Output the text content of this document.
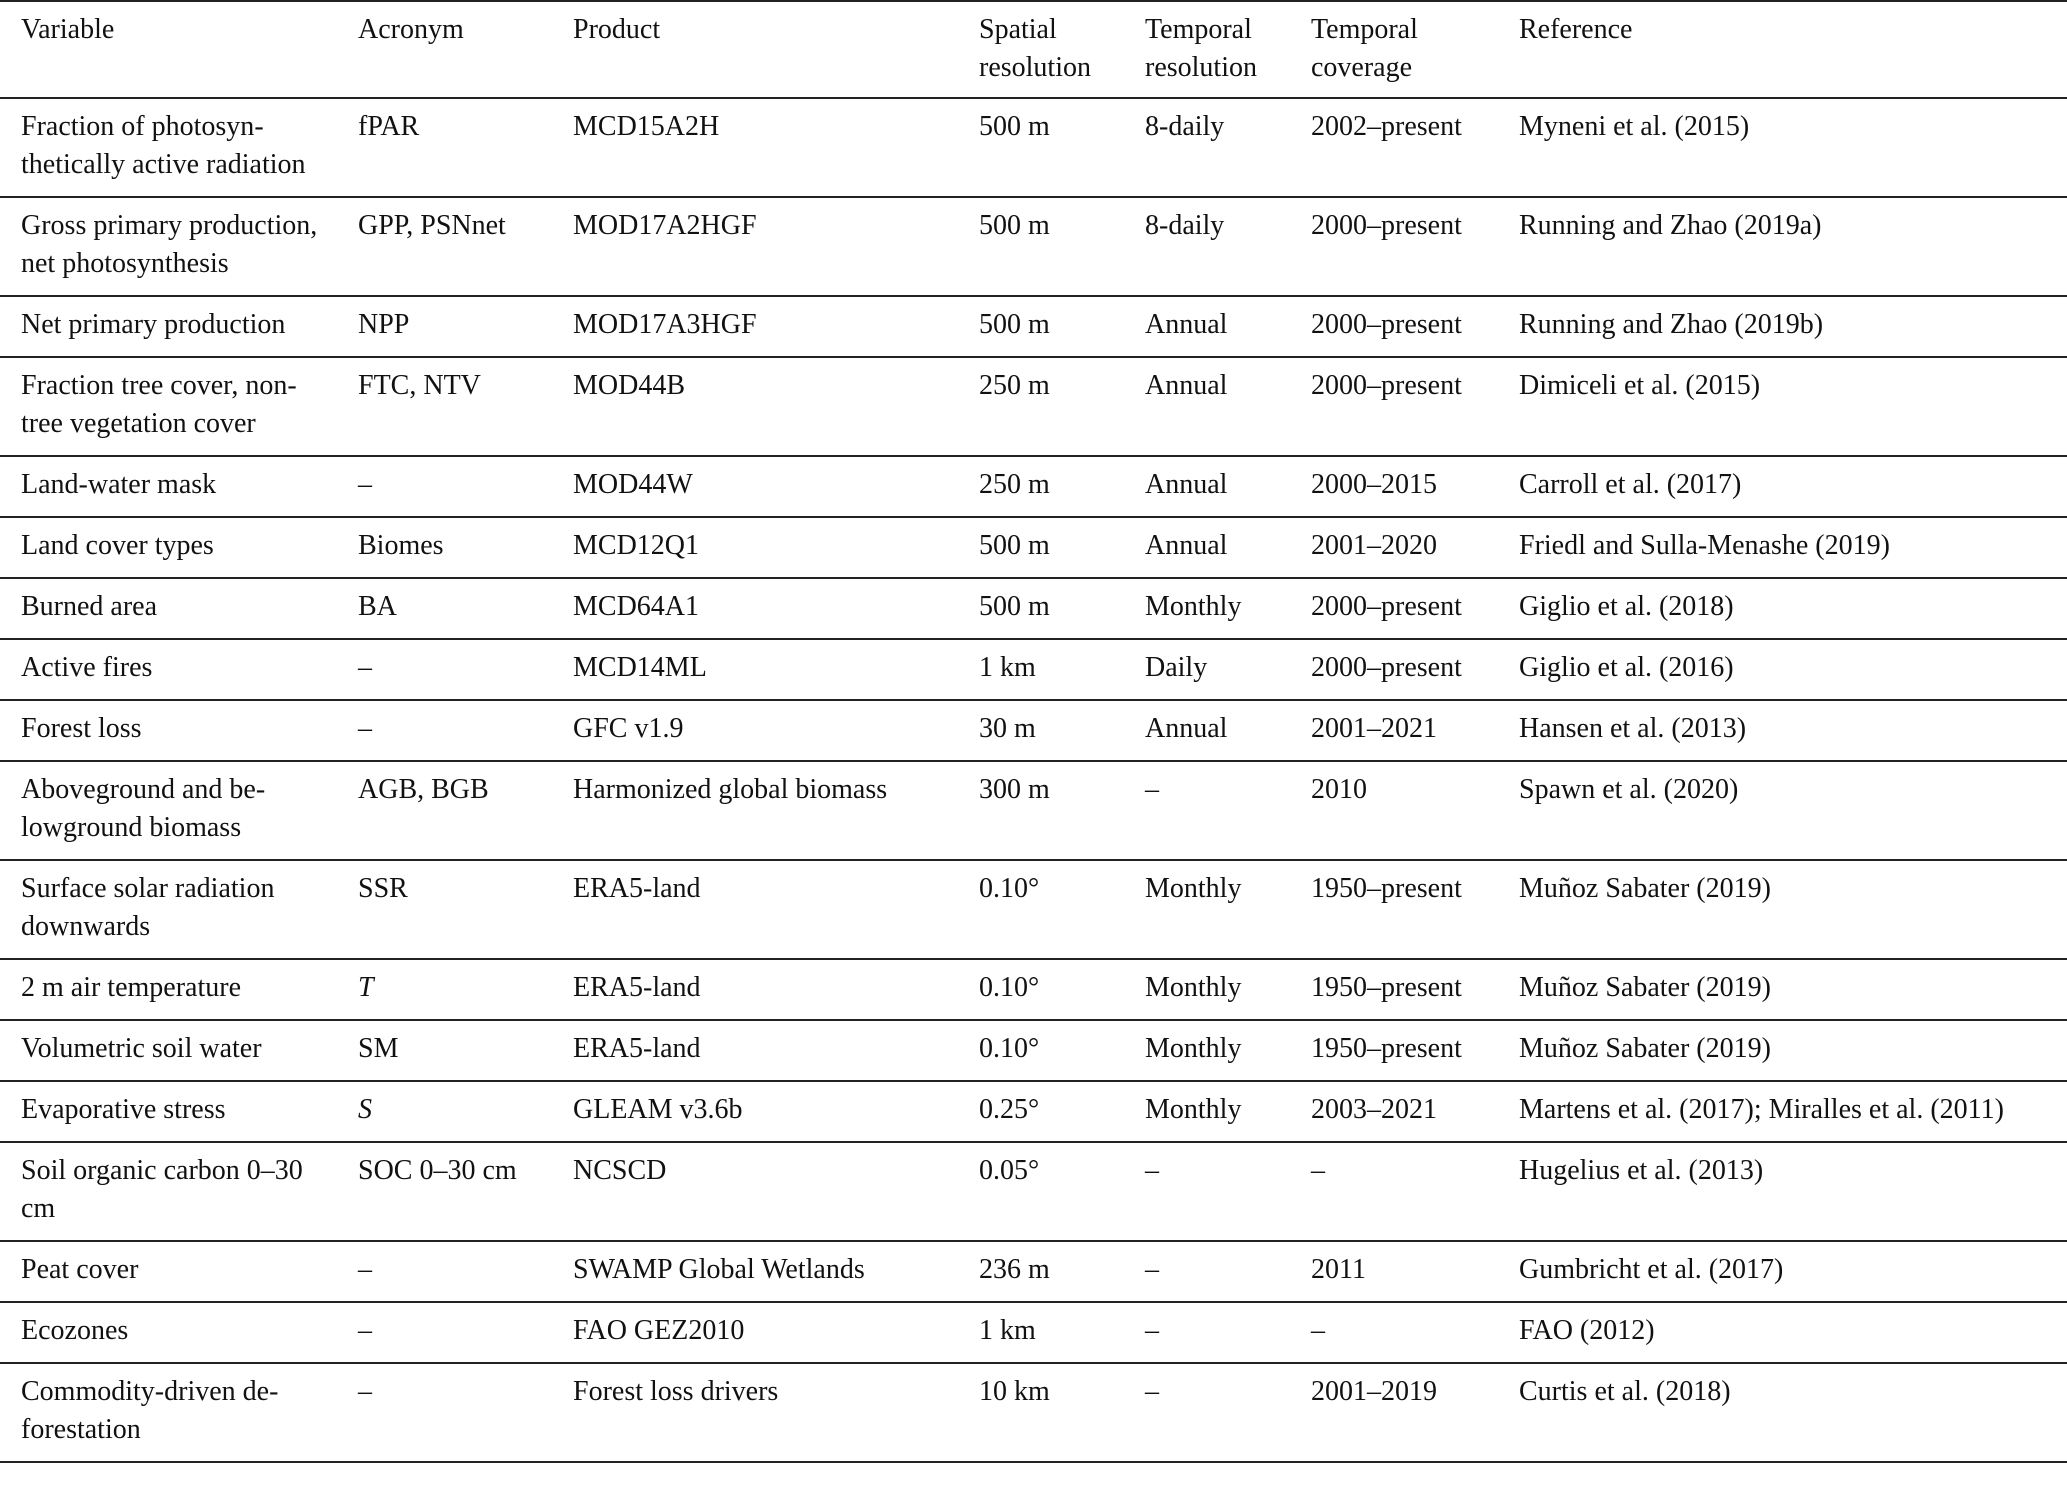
Variable	Acronym	Product	Spatial resolution	Temporal resolution	Temporal coverage	Reference
Fraction of photosynthetically active radiation	fPAR	MCD15A2H	500 m	8-daily	2002–present	Myneni et al. (2015)
Gross primary production, net photosynthesis	GPP, PSNnet	MOD17A2HGF	500 m	8-daily	2000–present	Running and Zhao (2019a)
Net primary production	NPP	MOD17A3HGF	500 m	Annual	2000–present	Running and Zhao (2019b)
Fraction tree cover, non-tree vegetation cover	FTC, NTV	MOD44B	250 m	Annual	2000–present	Dimiceli et al. (2015)
Land-water mask	–	MOD44W	250 m	Annual	2000–2015	Carroll et al. (2017)
Land cover types	Biomes	MCD12Q1	500 m	Annual	2001–2020	Friedl and Sulla-Menashe (2019)
Burned area	BA	MCD64A1	500 m	Monthly	2000–present	Giglio et al. (2018)
Active fires	–	MCD14ML	1 km	Daily	2000–present	Giglio et al. (2016)
Forest loss	–	GFC v1.9	30 m	Annual	2001–2021	Hansen et al. (2013)
Aboveground and belowground biomass	AGB, BGB	Harmonized global biomass	300 m	–	2010	Spawn et al. (2020)
Surface solar radiation downwards	SSR	ERA5-land	0.10°	Monthly	1950–present	Muñoz Sabater (2019)
2 m air temperature	T	ERA5-land	0.10°	Monthly	1950–present	Muñoz Sabater (2019)
Volumetric soil water	SM	ERA5-land	0.10°	Monthly	1950–present	Muñoz Sabater (2019)
Evaporative stress	S	GLEAM v3.6b	0.25°	Monthly	2003–2021	Martens et al. (2017); Miralles et al. (2011)
Soil organic carbon 0–30 cm	SOC 0–30 cm	NCSCD	0.05°	–	–	Hugelius et al. (2013)
Peat cover	–	SWAMP Global Wetlands	236 m	–	2011	Gumbricht et al. (2017)
Ecozones	–	FAO GEZ2010	1 km	–	–	FAO (2012)
Commodity-driven deforestation	–	Forest loss drivers	10 km	–	2001–2019	Curtis et al. (2018)
